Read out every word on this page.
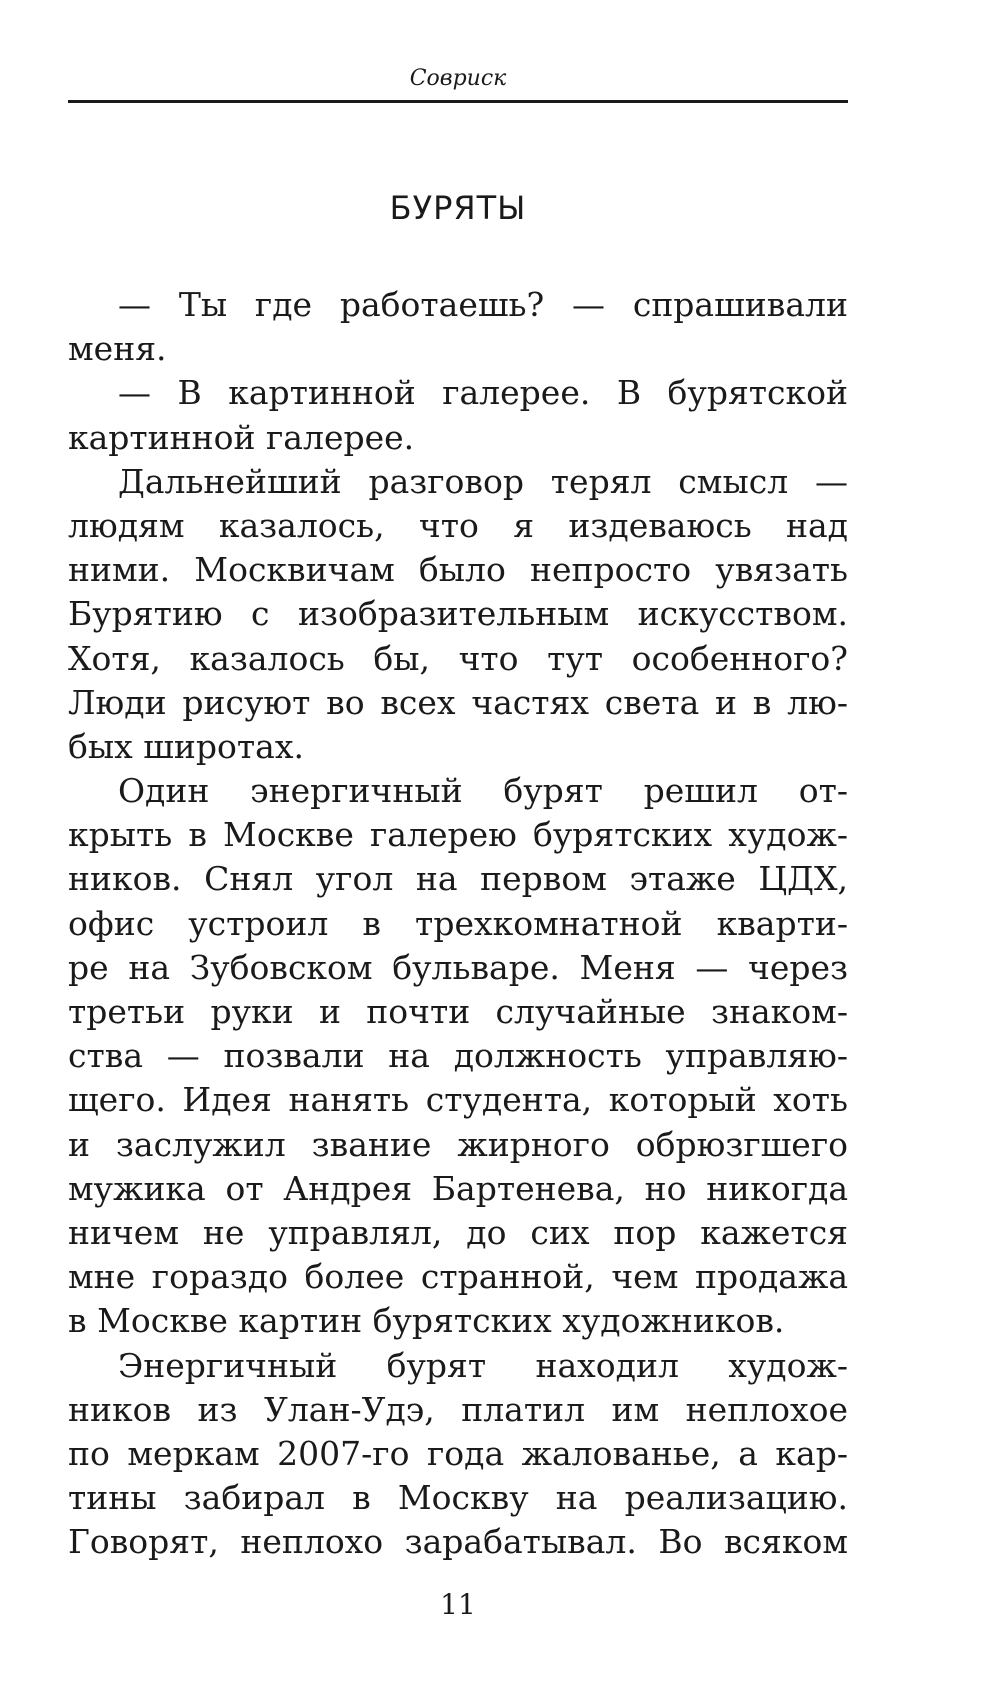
Совриск
БУРЯТЫ
— Ты где работаешь? — спрашивали
меня.
— В картинной галерее. В бурятской
картинной галерее.
Дальнейший разговор терял смысл —
людям казалось, что я издеваюсь над
ними. Москвичам было непросто увязать
Бурятию с изобразительным искусством.
Хотя, казалось бы, что тут особенного?
Люди рисуют во всех частях света и в лю-
бых широтах.
Один энергичный бурят решил от-
крыть в Москве галерею бурятских худож-
ников. Снял угол на первом этаже ЦДХ,
офис устроил в трехкомнатной кварти-
ре на Зубовском бульваре. Меня — через
третьи руки и почти случайные знаком-
ства — позвали на должность управляю-
щего. Идея нанять студента, который хоть
и заслужил звание жирного обрюзгшего
мужика от Андрея Бартенева, но никогда
ничем не управлял, до сих пор кажется
мне гораздо более странной, чем продажа
в Москве картин бурятских художников.
Энергичный бурят находил худож-
ников из Улан-Удэ, платил им неплохое
по меркам 2007-го года жалованье, а кар-
тины забирал в Москву на реализацию.
Говорят, неплохо зарабатывал. Во всяком
11
